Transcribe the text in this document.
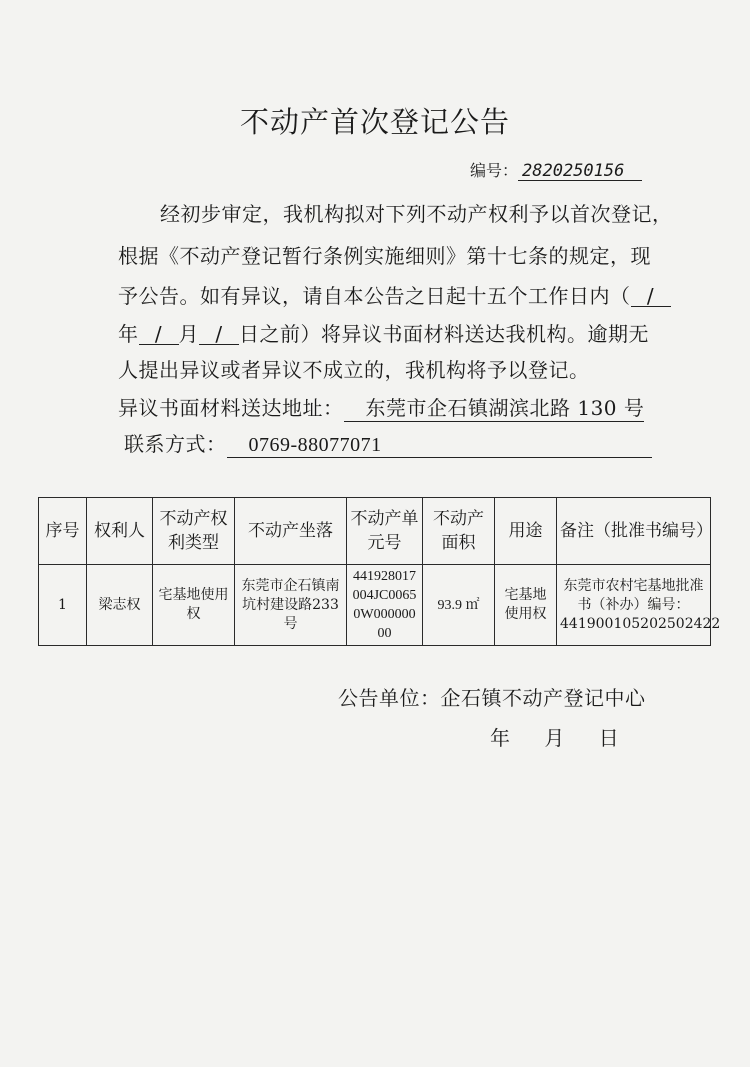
不动产首次登记公告
编号： 2820250156
经初步审定，我机构拟对下列不动产权利予以首次登记，
根据《不动产登记暂行条例实施细则》第十七条的规定，现
予公告。如有异议，请自本公告之日起十五个工作日内（ /
年 / 月 / 日之前）将异议书面材料送达我机构。逾期无
人提出异议或者异议不成立的，我机构将予以登记。
异议书面材料送达地址： 东莞市企石镇湖滨北路 130 号
联系方式： 0769-88077071
序号	权利人	不动产权利类型	不动产坐落	不动产单元号	不动产面积	用途	备注（批准书编号）
1	梁志权	宅基地使用权	东莞市企石镇南坑村建设路233号	441928017004JC00650W00000000	93.9 ㎡	宅基地使用权	东莞市农村宅基地批准书（补办）编号：441900105202502422
公告单位：企石镇不动产登记中心
年 月 日
